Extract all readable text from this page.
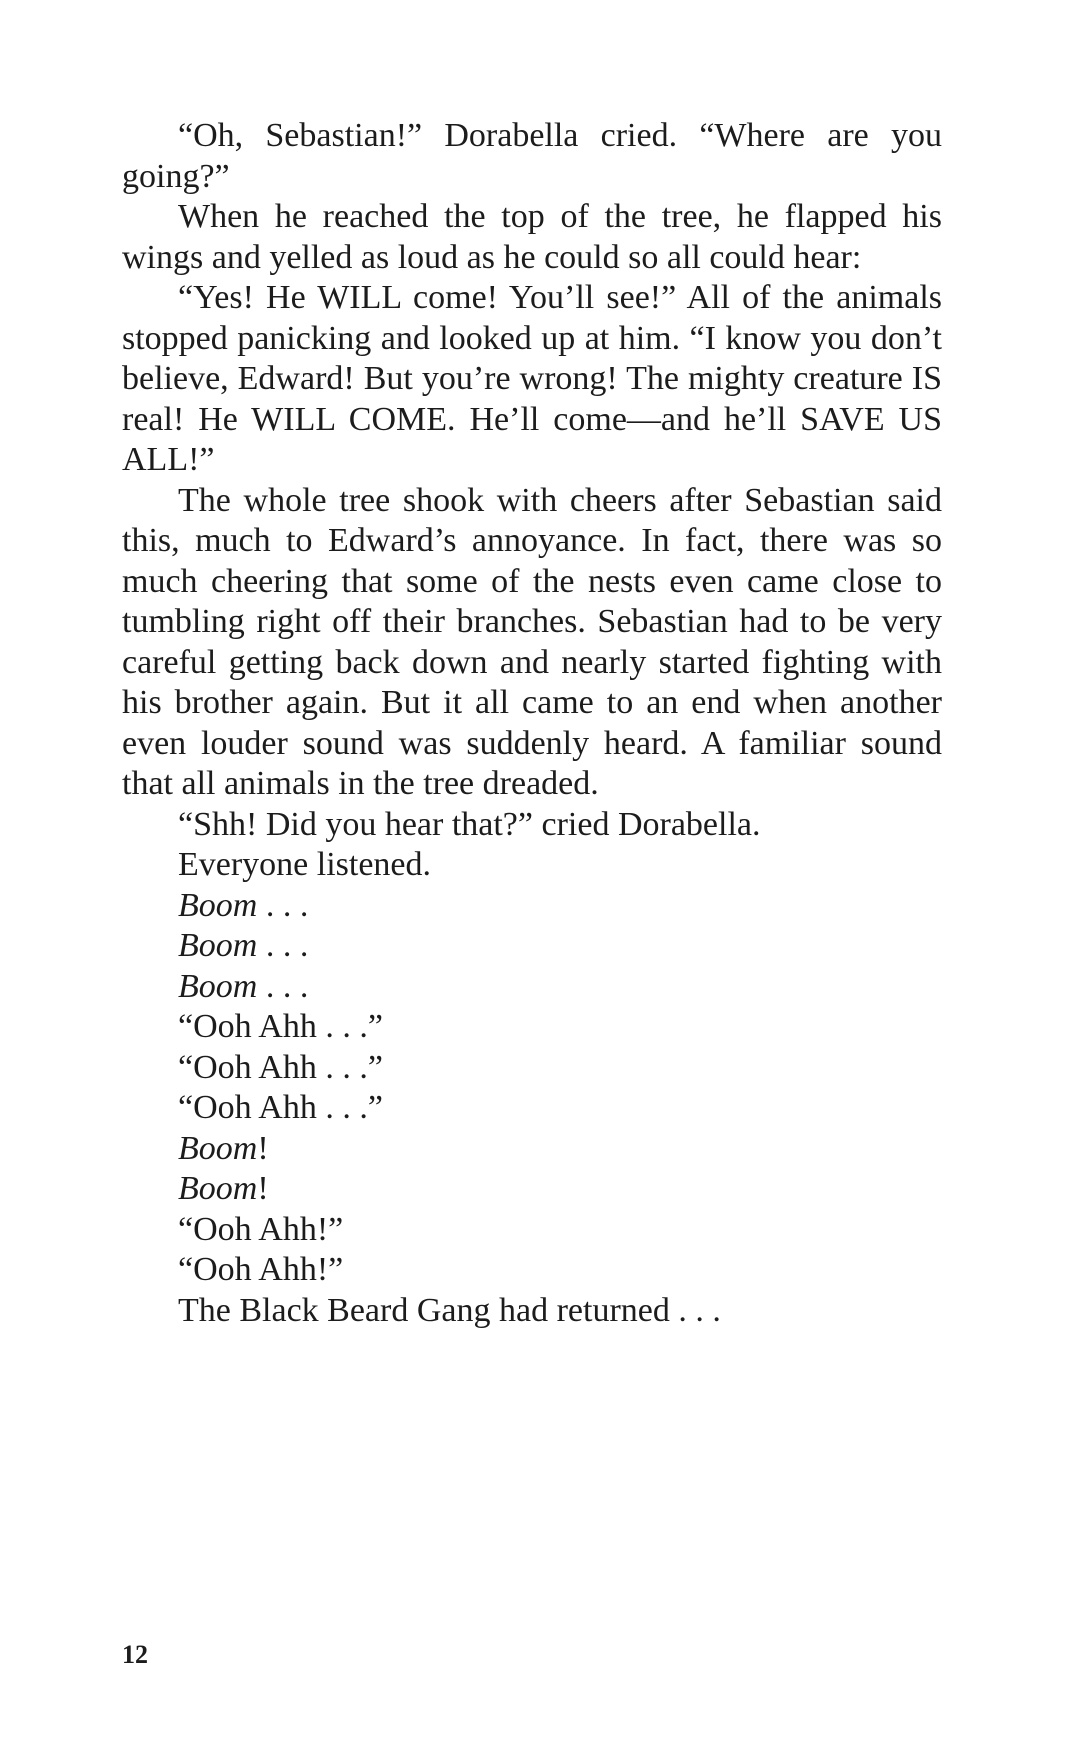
“Oh, Sebastian!” Dorabella cried. “Where are you going?”

When he reached the top of the tree, he flapped his wings and yelled as loud as he could so all could hear:

“Yes! He WILL come! You’ll see!” All of the animals stopped panicking and looked up at him. “I know you don’t believe, Edward! But you’re wrong! The mighty creature IS real! He WILL COME. He’ll come—and he’ll SAVE US ALL!”

The whole tree shook with cheers after Sebastian said this, much to Edward’s annoyance. In fact, there was so much cheering that some of the nests even came close to tumbling right off their branches. Sebastian had to be very careful getting back down and nearly started fighting with his brother again. But it all came to an end when another even louder sound was suddenly heard. A familiar sound that all animals in the tree dreaded.

“Shh! Did you hear that?” cried Dorabella.

Everyone listened.

Boom . . .

Boom . . .

Boom . . .

“Ooh Ahh . . .”

“Ooh Ahh . . .”

“Ooh Ahh . . .”

Boom!

Boom!

“Ooh Ahh!”

“Ooh Ahh!”

The Black Beard Gang had returned . . .

12
